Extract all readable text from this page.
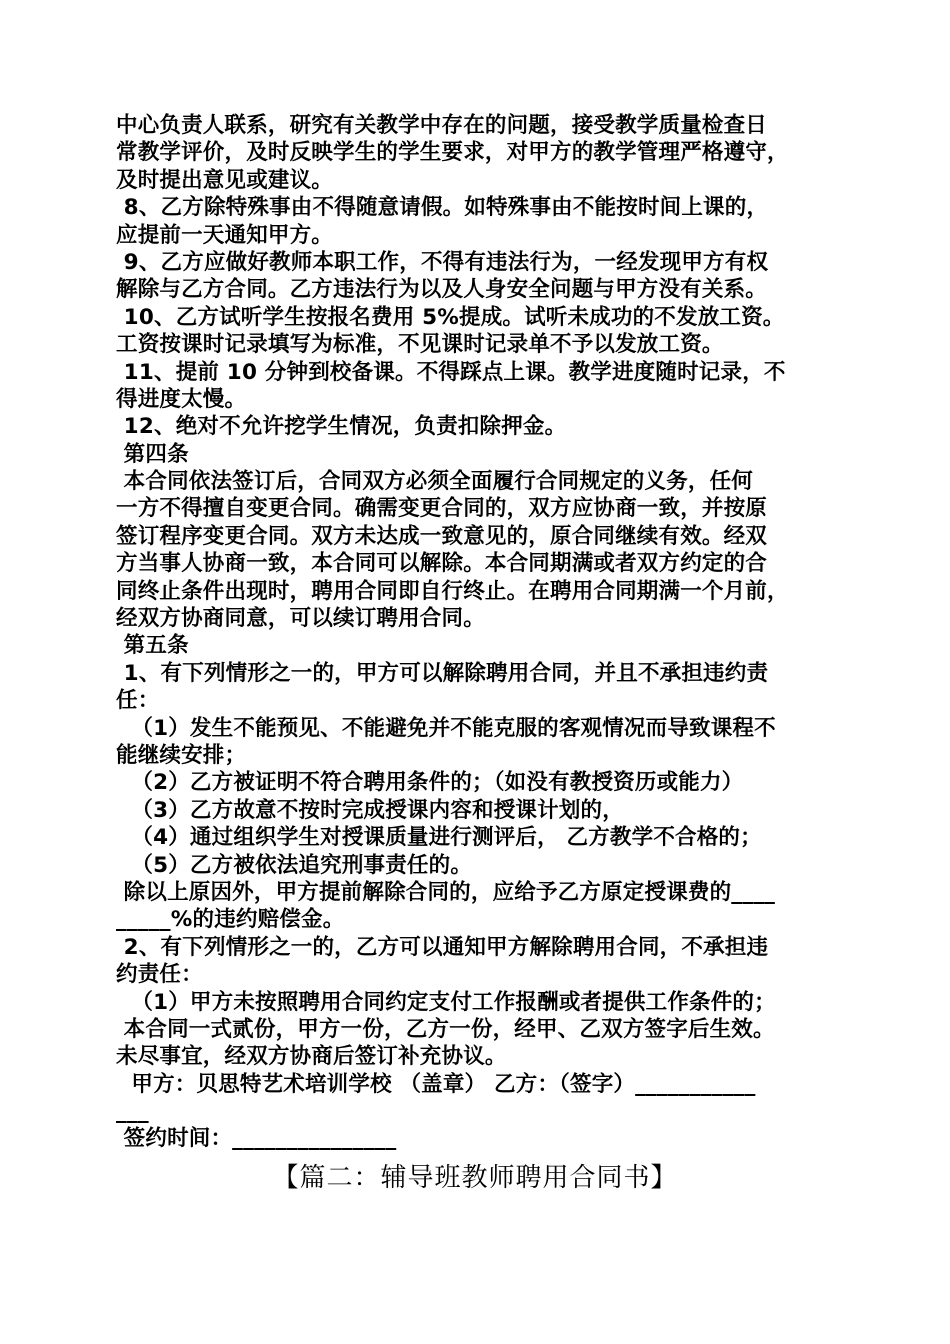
中心负责人联系，研究有关教学中存在的问题，接受教学质量检查日
常教学评价，及时反映学生的学生要求，对甲方的教学管理严格遵守，
及时提出意见或建议。
8、乙方除特殊事由不得随意请假。如特殊事由不能按时间上课的，
应提前一天通知甲方。
9、乙方应做好教师本职工作，不得有违法行为，一经发现甲方有权
解除与乙方合同。乙方违法行为以及人身安全问题与甲方没有关系。
10、乙方试听学生按报名费用 5%提成。试听未成功的不发放工资。
工资按课时记录填写为标准，不见课时记录单不予以发放工资。
11、提前 10 分钟到校备课。不得踩点上课。教学进度随时记录，不
得进度太慢。
12、绝对不允许挖学生情况，负责扣除押金。
第四条
本合同依法签订后，合同双方必须全面履行合同规定的义务，任何
一方不得擅自变更合同。确需变更合同的，双方应协商一致，并按原
签订程序变更合同。双方未达成一致意见的，原合同继续有效。经双
方当事人协商一致，本合同可以解除。本合同期满或者双方约定的合
同终止条件出现时，聘用合同即自行终止。在聘用合同期满一个月前，
经双方协商同意，可以续订聘用合同。
第五条
1、有下列情形之一的，甲方可以解除聘用合同，并且不承担违约责
任：
（1）发生不能预见、不能避免并不能克服的客观情况而导致课程不
能继续安排；
（2）乙方被证明不符合聘用条件的；（如没有教授资历或能力）
（3）乙方故意不按时完成授课内容和授课计划的，
（4）通过组织学生对授课质量进行测评后， 乙方教学不合格的；
（5）乙方被依法追究刑事责任的。
除以上原因外，甲方提前解除合同的，应给予乙方原定授课费的____
_____%的违约赔偿金。
2、有下列情形之一的，乙方可以通知甲方解除聘用合同，不承担违
约责任：
（1）甲方未按照聘用合同约定支付工作报酬或者提供工作条件的；
本合同一式贰份，甲方一份，乙方一份，经甲、乙双方签字后生效。
未尽事宜，经双方协商后签订补充协议。
甲方：贝思特艺术培训学校 （盖章） 乙方：（签字）___________
___
签约时间：_______________
【篇二：辅导班教师聘用合同书】
